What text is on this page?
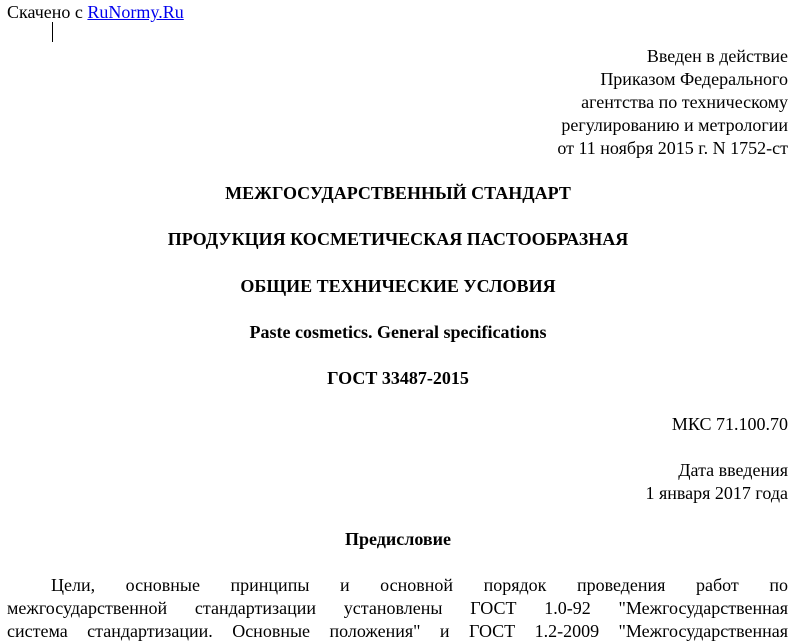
Скачено с RuNormy.Ru
Введен в действие
Приказом Федерального
агентства по техническому
регулированию и метрологии
от 11 ноября 2015 г. N 1752-ст
МЕЖГОСУДАРСТВЕННЫЙ СТАНДАРТ
ПРОДУКЦИЯ КОСМЕТИЧЕСКАЯ ПАСТООБРАЗНАЯ
ОБЩИЕ ТЕХНИЧЕСКИЕ УСЛОВИЯ
Paste cosmetics. General specifications
ГОСТ 33487-2015
МКС 71.100.70
Дата введения
1 января 2017 года
Предисловие
Цели, основные принципы и основной порядок проведения работ по
межгосударственной стандартизации установлены ГОСТ 1.0-92 "Межгосударственная
система стандартизации. Основные положения" и ГОСТ 1.2-2009 "Межгосударственная
